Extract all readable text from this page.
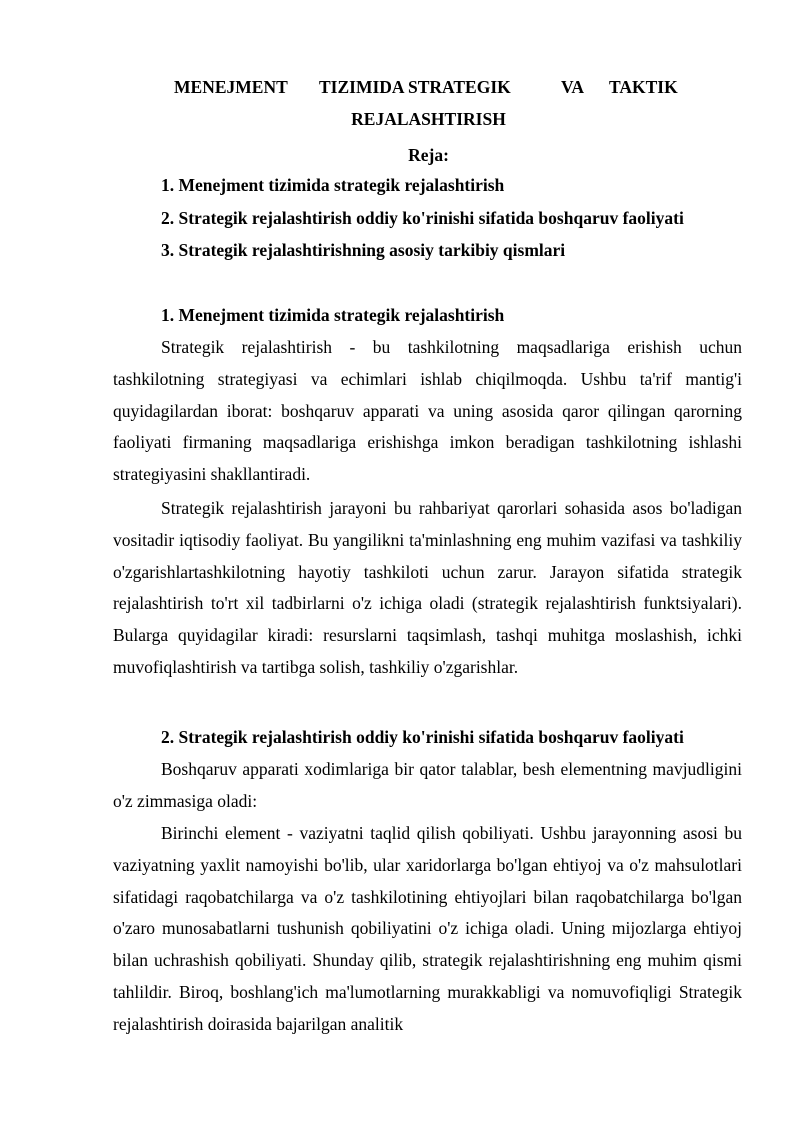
MENEJMENT TIZIMIDA STRATEGIK	VA TAKTIK
REJALASHTIRISH
Reja:
1. Menejment tizimida strategik rejalashtirish
2. Strategik rejalashtirish oddiy ko'rinishi sifatida boshqaruv faoliyati
3. Strategik rejalashtirishning asosiy tarkibiy qismlari
1. Menejment tizimida strategik rejalashtirish

Strategik rejalashtirish - bu tashkilotning maqsadlariga erishish uchun tashkilotning strategiyasi va echimlari ishlab chiqilmoqda. Ushbu ta'rif mantig'i quyidagilardan iborat: boshqaruv apparati va uning asosida qaror qilingan qarorning faoliyati firmaning maqsadlariga erishishga imkon beradigan tashkilotning ishlashi strategiyasini shakllantiradi.

Strategik rejalashtirish jarayoni bu rahbariyat qarorlari sohasida asos bo'ladigan vositadir iqtisodiy faoliyat. Bu yangilikni ta'minlashning eng muhim vazifasi va tashkiliy o'zgarishlartashkilotning hayotiy tashkiloti uchun zarur. Jarayon sifatida strategik rejalashtirish to'rt xil tadbirlarni o'z ichiga oladi (strategik rejalashtirish funktsiyalari). Bularga quyidagilar kiradi: resurslarni taqsimlash, tashqi muhitga moslashish, ichki muvofiqlashtirish va tartibga solish, tashkiliy o'zgarishlar.

2. Strategik rejalashtirish oddiy ko'rinishi sifatida boshqaruv faoliyati

Boshqaruv apparati xodimlariga bir qator talablar, besh elementning mavjudligini o'z zimmasiga oladi:

Birinchi element - vaziyatni taqlid qilish qobiliyati. Ushbu jarayonning asosi bu vaziyatning yaxlit namoyishi bo'lib, ular xaridorlarga bo'lgan ehtiyoj va o'z mahsulotlari sifatidagi raqobatchilarga va o'z tashkilotining ehtiyojlari bilan raqobatchilarga bo'lgan o'zaro munosabatlarni tushunish qobiliyatini o'z ichiga oladi. Uning mijozlarga ehtiyoj bilan uchrashish qobiliyati. Shunday qilib, strategik rejalashtirishning eng muhim qismi tahlildir. Biroq, boshlang'ich ma'lumotlarning murakkabligi va nomuvofiqligi Strategik rejalashtirish doirasida bajarilgan analitik
